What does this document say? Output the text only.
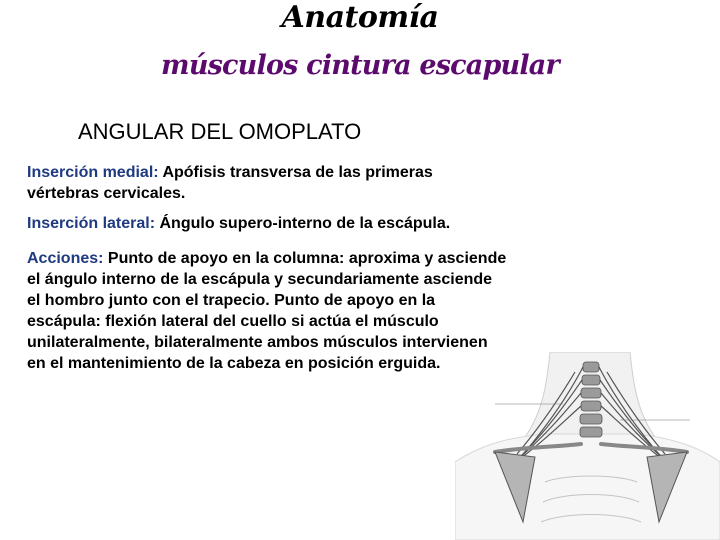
Anatomía
músculos cintura escapular
ANGULAR DEL OMOPLATO
Inserción medial: Apófisis transversa de las primeras vértebras cervicales.
Inserción lateral: Ángulo supero-interno de la escápula.
Acciones: Punto de apoyo en la columna: aproxima y asciende el ángulo interno de la escápula y secundariamente asciende el hombro junto con el trapecio. Punto de apoyo en la escápula: flexión lateral del cuello si actúa el músculo unilateralmente, bilateralmente ambos músculos intervienen en el mantenimiento de la cabeza en posición erguida.
